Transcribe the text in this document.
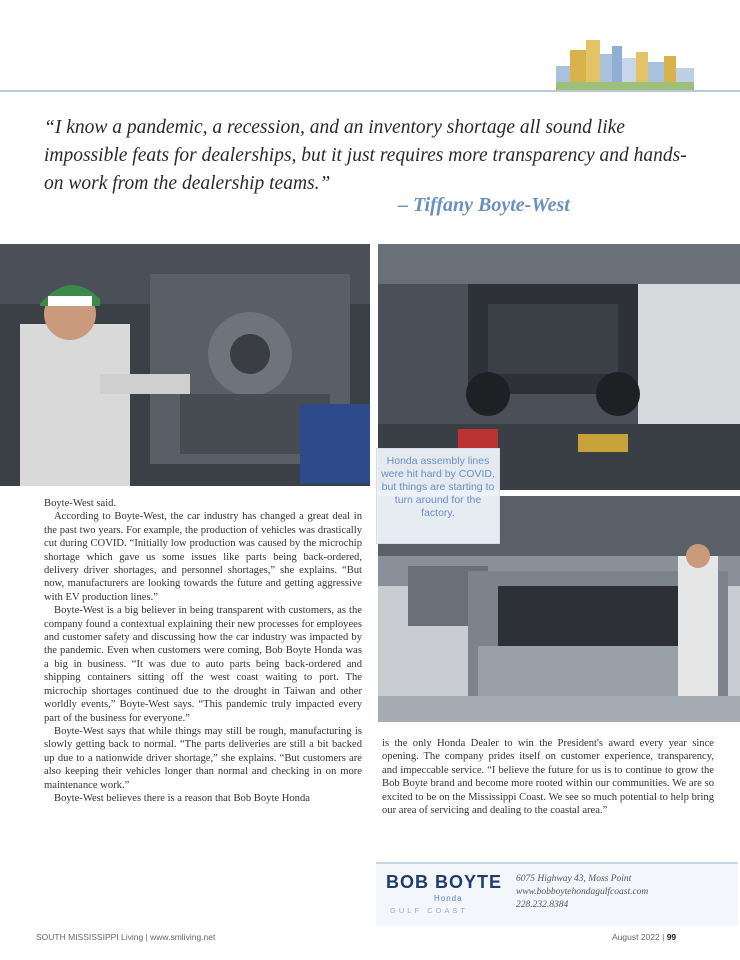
“I know a pandemic, a recession, and an inventory shortage all sound like impossible feats for dealerships, but it just requires more transparency and hands-on work from the dealership teams.”

– Tiffany Boyte-West
Honda assembly lines were hit hard by COVID, but things are starting to turn around for the factory.

Boyte-West said.

According to Boyte-West, the car industry has changed a great deal in the past two years. For example, the production of vehicles was drastically cut during COVID. “Initially low production was caused by the microchip shortage which gave us some issues like parts being back-ordered, delivery driver shortages, and personnel shortages,” she explains. “But now, manufacturers are looking towards the future and getting aggressive with EV production lines.”

Boyte-West is a big believer in being transparent with customers, as the company found a contextual explaining their new processes for employees and customer safety and discussing how the car industry was impacted by the pandemic. Even when customers were coming, Bob Boyte Honda was a big in business. “It was due to auto parts being back-ordered and shipping containers sitting off the west coast waiting to port. The microchip shortages continued due to the drought in Taiwan and other worldly events,” Boyte-West says. “This pandemic truly impacted every part of the business for everyone.”

Boyte-West says that while things may still be rough, manufacturing is slowly getting back to normal. “The parts deliveries are still a bit backed up due to a nationwide driver shortage,” she explains. “But customers are also keeping their vehicles longer than normal and checking in on more maintenance work.”

Boyte-West believes there is a reason that Bob Boyte Honda

is the only Honda Dealer to win the President's award every year since opening. The company prides itself on customer experience, transparency, and impeccable service. “I believe the future for us is to continue to grow the Bob Boyte brand and become more rooted within our communities. We are so excited to be on the Mississippi Coast. We see so much potential to help bring our area of servicing and dealing to the coastal area.”

BOB BOYTE
Honda
GULF COAST
6075 Highway 43, Moss Point
www.bobboytehondagulfcoast.com
228.232.8384
SOUTH MISSISSIPPI Living | www.smliving.net	August 2022 | 99
